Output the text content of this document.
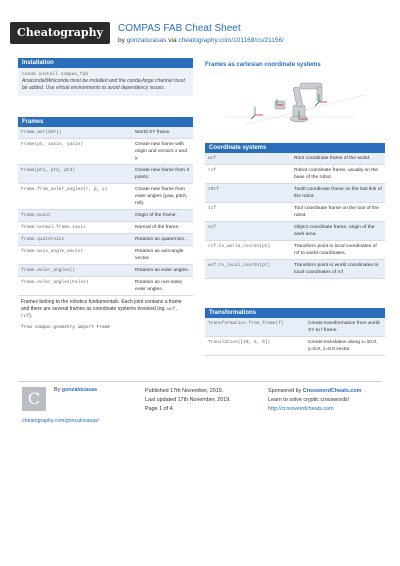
Cheatography	COMPAS FAB Cheat Sheet
by gonzalocasas via cheatography.com/101168/cs/21156/
Installation
conda install compas_fab
Anaconda/Miniconda must be installed and the conda-forge channel must be added. Use virtual environments to avoid dependency issues.
Frames
Frame.worldXY()	World XY frame.
Frame(pt, xaxis, yaxis)	Create new frame with origin and vectors x and y.
Frame(pt1, pt2, pt3)	Create new frame from 3 points.
Frame.from_euler_angles(r, p, y)	Create new frame from euler angles (yaw, pitch, roll).
frame.point	Origin of the frame.
frame.normal.frame.zaxis	Normal of the frame.
frame.quaternion	Rotation as quaternion.
frame.axis_angle_vector	Rotation as axis-angle vector.
frame.euler_angles()	Rotation as euler angles.
frame.euler_angles(False)	Rotation as non-static euler angles.
Frames belong to the robotics fundamentals. Each joint contains a frame and there are several frames as coordinate systems involved (eg. wcf, rcf).
from compas.geometry import Frame
Frames as cartesian coordinate systems
Coordinate systems
wcf	Root coordinate frame of the world.
rcf	Robot coordinate frame, usually on the base of the robot.
t0cf	Tool0 coordinate frame on the last link of the robot.
tcf	Tool coordinate frame on the tool of the robot.
ocf	Object coordinate frame, origin of the work area.
rcf.to_world_coords(pt)	Transform point in local coordinates of rcf to world coordinates.
wcf.to_local_coords(pt)	Transform point in world coordinates to local coordinates of rcf
Transformations
Transformation.from_frame(f)	Create transformation from world XY to f frame.
Translation([10, 5, 0])	Create translation along x=10.0, y=5.0, z=0.0 vector.
C	By gonzalocasas
cheatography.com/gonzalocasas/
Published 17th November, 2019.
Last updated 17th November, 2019.
Page 1 of 4.
Sponsored by CrosswordCheats.com
Learn to solve cryptic crosswords!
http://crosswordcheats.com
